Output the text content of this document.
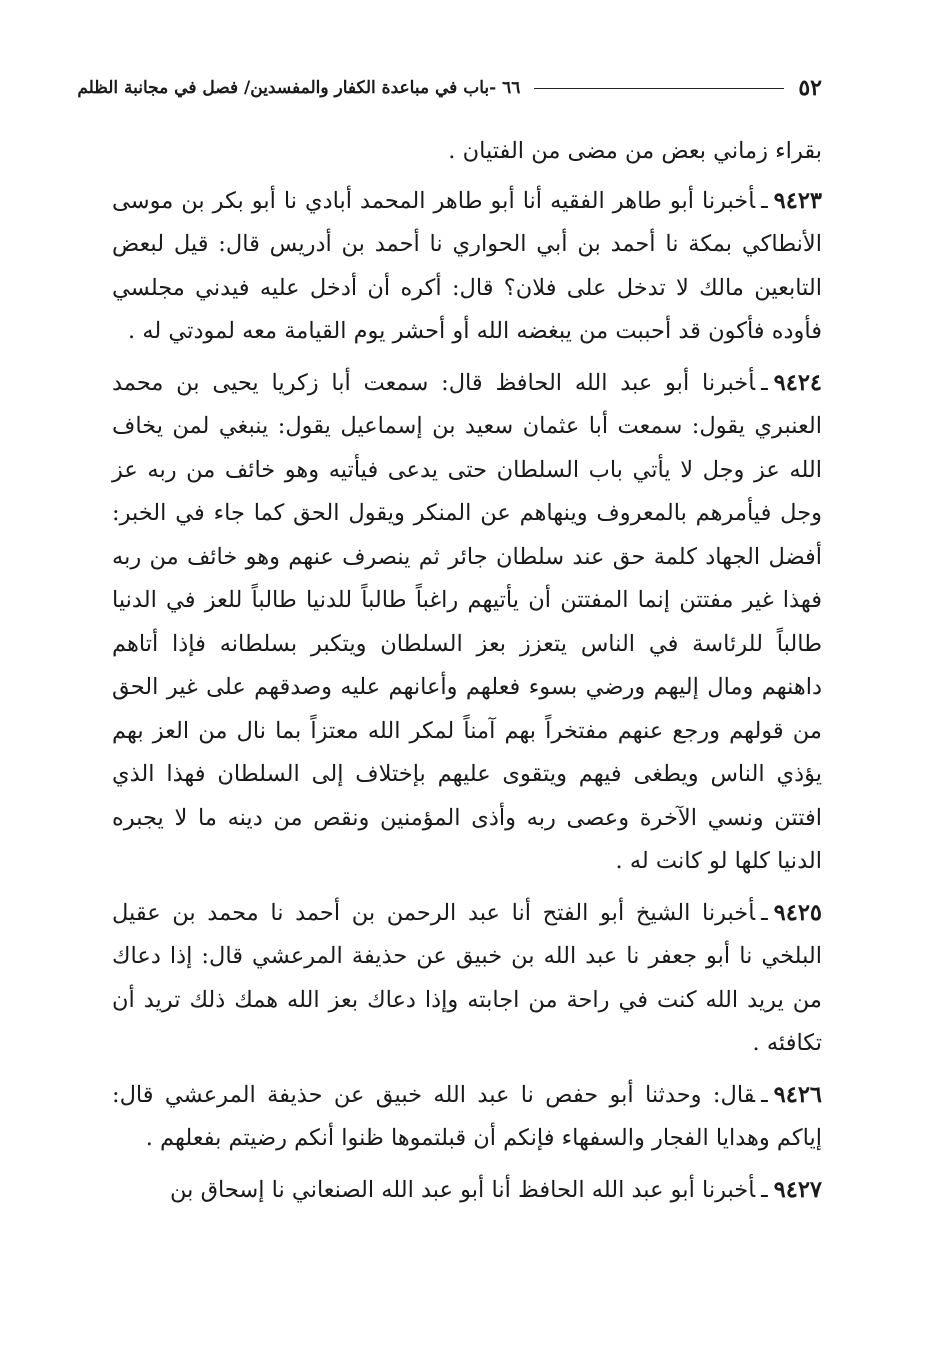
٥٢
٦٦ -باب في مباعدة الكفار والمفسدين/ فصل في مجانبة الظلم

بقراء زماني بعض من مضى من الفتيان .

٩٤٢٣ـأخبرنا أبو طاهر الفقيه أنا أبو طاهر المحمد أبادي نا أبو بكر بن موسى الأنطاكي بمكة نا أحمد بن أبي الحواري نا أحمد بن أدريس قال: قيل لبعض التابعين مالك لا تدخل على فلان؟ قال: أكره أن أدخل عليه فيدني مجلسي فأوده فأكون قد أحببت من يبغضه الله أو أحشر يوم القيامة معه لمودتي له .

٩٤٢٤ـأخبرنا أبو عبد الله الحافظ قال: سمعت أبا زكريا يحيى بن محمد العنبري يقول: سمعت أبا عثمان سعيد بن إسماعيل يقول: ينبغي لمن يخاف الله عز وجل لا يأتي باب السلطان حتى يدعى فيأتيه وهو خائف من ربه عز وجل فيأمرهم بالمعروف وينهاهم عن المنكر ويقول الحق كما جاء في الخبر: أفضل الجهاد كلمة حق عند سلطان جائر ثم ينصرف عنهم وهو خائف من ربه فهذا غير مفتتن إنما المفتتن أن يأتيهم راغباً طالباً للدنيا طالباً للعز في الدنيا طالباً للرئاسة في الناس يتعزز بعز السلطان ويتكبر بسلطانه فإذا أتاهم داهنهم ومال إليهم ورضي بسوء فعلهم وأعانهم عليه وصدقهم على غير الحق من قولهم ورجع عنهم مفتخراً بهم آمناً لمكر الله معتزاً بما نال من العز بهم يؤذي الناس ويطغى فيهم ويتقوى عليهم بإختلاف إلى السلطان فهذا الذي افتتن ونسي الآخرة وعصى ربه وأذى المؤمنين ونقص من دينه ما لا يجبره الدنيا كلها لو كانت له .

٩٤٢٥ـأخبرنا الشيخ أبو الفتح أنا عبد الرحمن بن أحمد نا محمد بن عقيل البلخي نا أبو جعفر نا عبد الله بن خبيق عن حذيفة المرعشي قال: إذا دعاك من يريد الله كنت في راحة من اجابته وإذا دعاك بعز الله همك ذلك تريد أن تكافئه .

٩٤٢٦ـقال: وحدثنا أبو حفص نا عبد الله خبيق عن حذيفة المرعشي قال: إياكم وهدايا الفجار والسفهاء فإنكم أن قبلتموها ظنوا أنكم رضيتم بفعلهم .

٩٤٢٧ـأخبرنا أبو عبد الله الحافظ أنا أبو عبد الله الصنعاني نا إسحاق بن
